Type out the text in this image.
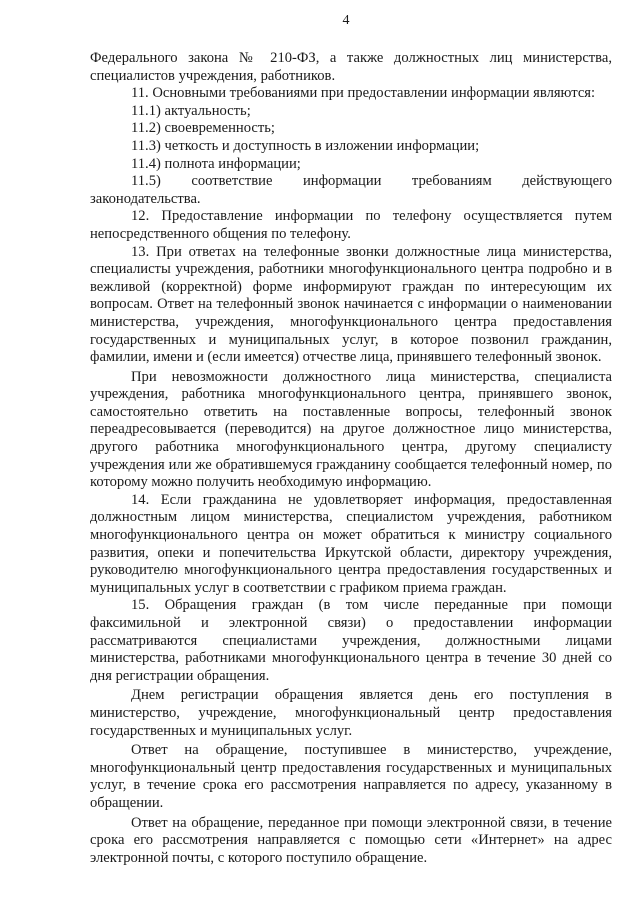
4

Федерального закона № 210-ФЗ, а также должностных лиц министерства, специалистов учреждения, работников.

11. Основными требованиями при предоставлении информации являются:

11.1) актуальность;

11.2) своевременность;

11.3) четкость и доступность в изложении информации;

11.4) полнота информации;

11.5) соответствие информации требованиям действующего законодательства.

12. Предоставление информации по телефону осуществляется путем непосредственного общения по телефону.

13. При ответах на телефонные звонки должностные лица министерства, специалисты учреждения, работники многофункционального центра подробно и в вежливой (корректной) форме информируют граждан по интересующим их вопросам. Ответ на телефонный звонок начинается с информации о наименовании министерства, учреждения, многофункционального центра предоставления государственных и муниципальных услуг, в которое позвонил гражданин, фамилии, имени и (если имеется) отчестве лица, принявшего телефонный звонок.

При невозможности должностного лица министерства, специалиста учреждения, работника многофункционального центра, принявшего звонок, самостоятельно ответить на поставленные вопросы, телефонный звонок переадресовывается (переводится) на другое должностное лицо министерства, другого работника многофункционального центра, другому специалисту учреждения или же обратившемуся гражданину сообщается телефонный номер, по которому можно получить необходимую информацию.

14. Если гражданина не удовлетворяет информация, предоставленная должностным лицом министерства, специалистом учреждения, работником многофункционального центра он может обратиться к министру социального развития, опеки и попечительства Иркутской области, директору учреждения, руководителю многофункционального центра предоставления государственных и муниципальных услуг в соответствии с графиком приема граждан.

15. Обращения граждан (в том числе переданные при помощи факсимильной и электронной связи) о предоставлении информации рассматриваются специалистами учреждения, должностными лицами министерства, работниками многофункционального центра в течение 30 дней со дня регистрации обращения.

Днем регистрации обращения является день его поступления в министерство, учреждение, многофункциональный центр предоставления государственных и муниципальных услуг.

Ответ на обращение, поступившее в министерство, учреждение, многофункциональный центр предоставления государственных и муниципальных услуг, в течение срока его рассмотрения направляется по адресу, указанному в обращении.

Ответ на обращение, переданное при помощи электронной связи, в течение срока его рассмотрения направляется с помощью сети «Интернет» на адрес электронной почты, с которого поступило обращение.
